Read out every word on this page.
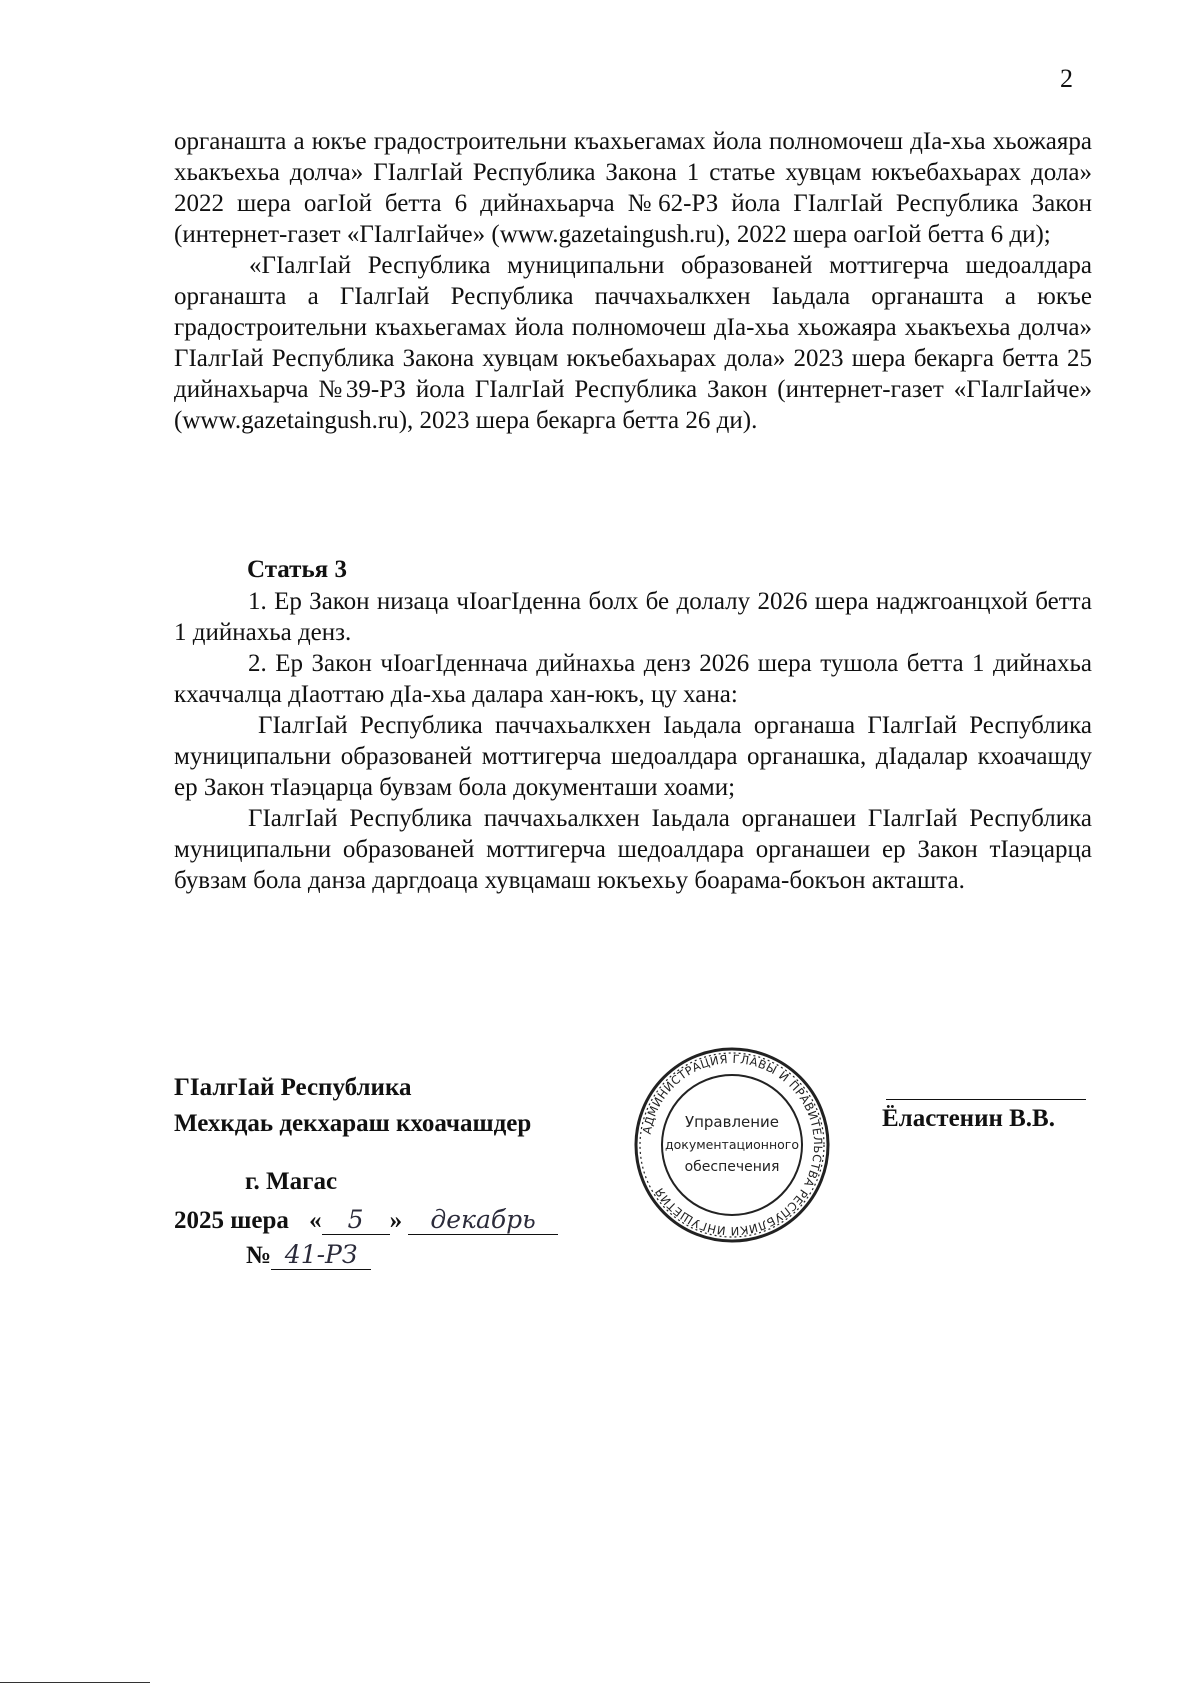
2

органашта а юкъе градостроительни къахьегамах йола полномочеш дІа-хьа хьожаяра хьакъехьа долча» ГІалгІай Республика Закона 1 статье хувцам юкъебахьарах дола» 2022 шера оагІой бетта 6 дийнахьарча №62-РЗ йола ГІалгІай Республика Закон (интернет-газет «ГІалгІайче» (www.gazetaingush.ru), 2022 шера оагІой бетта 6 ди);

«ГІалгІай Республика муниципальни образованей моттигерча шедоалдара органашта а ГІалгІай Республика паччахьалкхен Іаьдала органашта а юкъе градостроительни къахьегамах йола полномочеш дІа-хьа хьожаяра хьакъехьа долча» ГІалгІай Республика Закона хувцам юкъебахьарах дола» 2023 шера бекарга бетта 25 дийнахьарча №39-РЗ йола ГІалгІай Республика Закон (интернет-газет «ГІалгІайче» (www.gazetaingush.ru), 2023 шера бекарга бетта 26 ди).

Статья 3

1. Ер Закон низаца чІоагІденна болх бе долалу 2026 шера наджгоанцхой бетта 1 дийнахьа денз.

2. Ер Закон чІоагІденнача дийнахьа денз 2026 шера тушола бетта 1 дийнахьа кхаччалца дІаоттаю дІа-хьа далара хан-юкъ, цу хана:

ГІалгІай Республика паччахьалкхен Іаьдала органаша ГІалгІай Республика муниципальни образованей моттигерча шедоалдара органашка, дІадалар кхоачашду ер Закон тІаэцарца бувзам бола документаши хоами;

ГІалгІай Республика паччахьалкхен Іаьдала органашеи ГІалгІай Республика муниципальни образованей моттигерча шедоалдара органашеи ер Закон тІаэцарца бувзам бола данза даргдоаца хувцамаш юкъехьу боарама-бокъон акташта.

ГІалгІай Республика
Мехкдаь декхараш кхоачашдер
г. Магас
2025 шера « 5 » декабрь
№ 41-РЗ
АДМИНИСТРАЦИЯ ГЛАВЫ И ПРАВИТЕЛЬСТВА РЕСПУБЛИКИ ИНГУШЕТИЯ
Управление
документационного
обеспечения
Ёластенин В.В.
